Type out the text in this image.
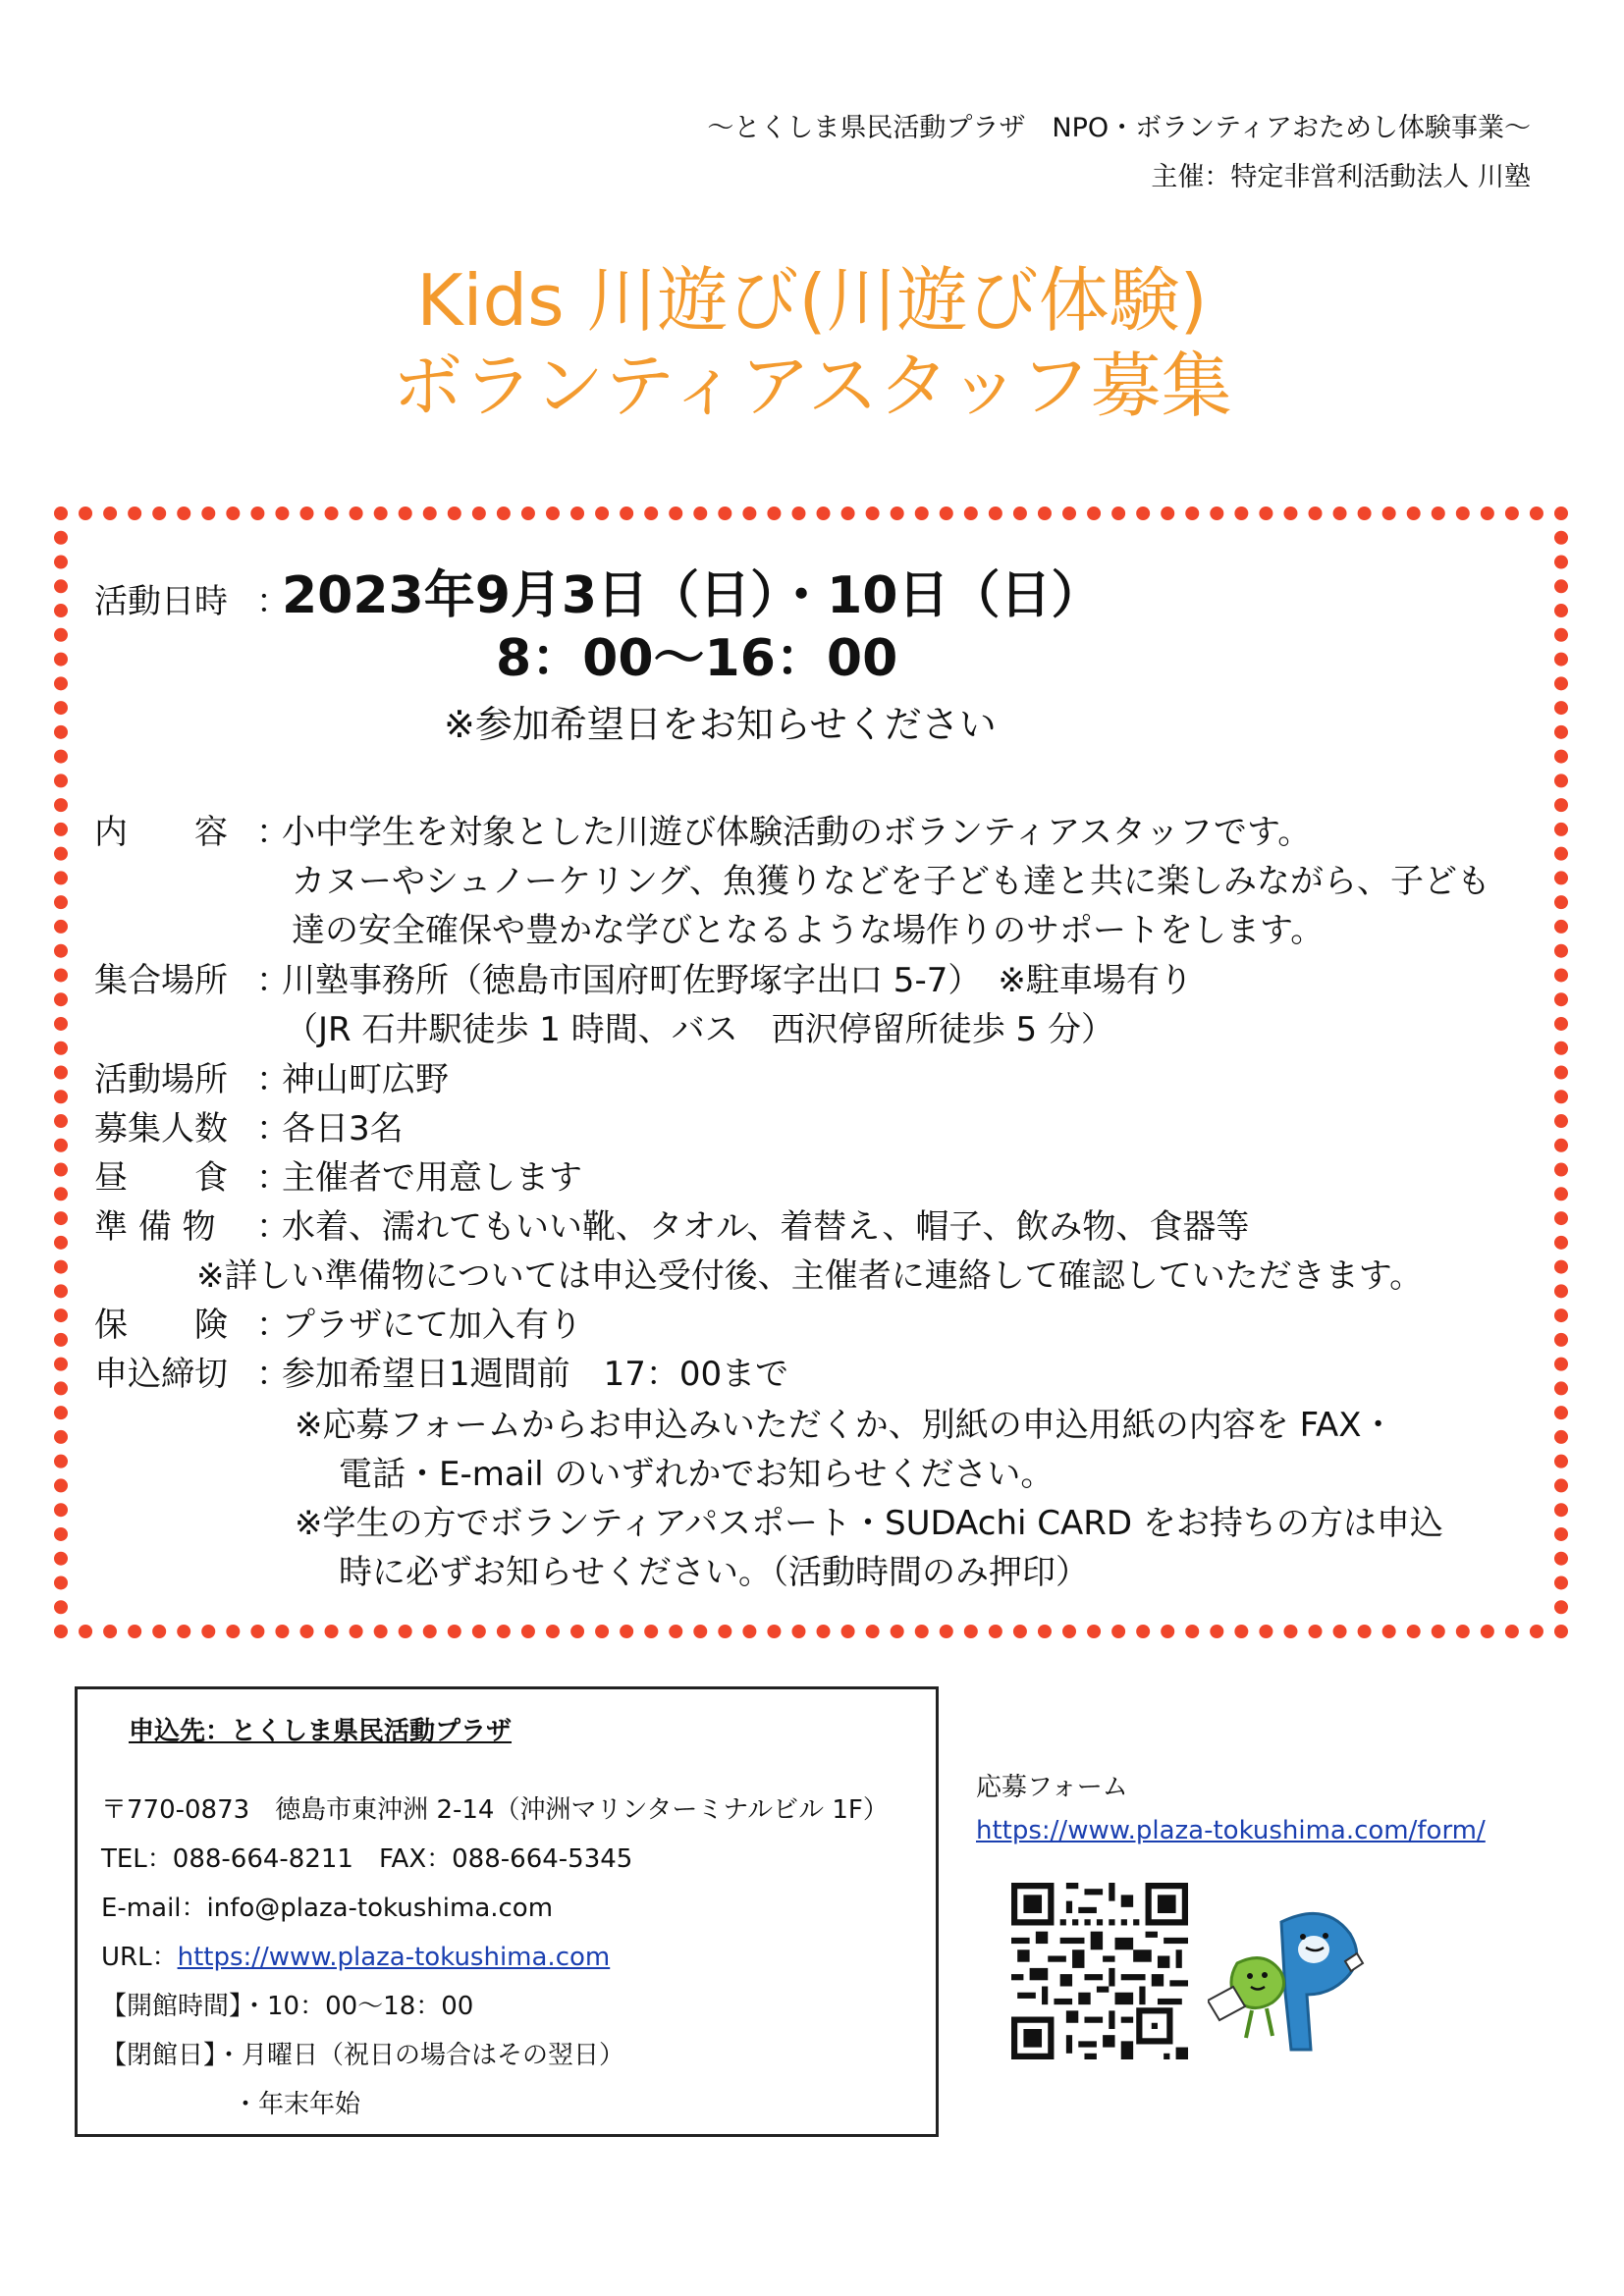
～とくしま県民活動プラザ　NPO・ボランティアおためし体験事業～
主催：特定非営利活動法人 川塾
Kids 川遊び(川遊び体験)
ボランティアスタッフ募集
活動日時 ：2023年9月3日（日）・10日（日）
8：00～16：00
※参加希望日をお知らせください
内　　容 ：小中学生を対象とした川遊び体験活動のボランティアスタッフです。
カヌーやシュノーケリング、魚獲りなどを子ども達と共に楽しみながら、子ども
達の安全確保や豊かな学びとなるような場作りのサポートをします。
集合場所 ：川塾事務所（徳島市国府町佐野塚字出口 5-7）　※駐車場有り
（JR 石井駅徒歩 1 時間、バス　西沢停留所徒歩 5 分）
活動場所 ：神山町広野
募集人数 ：各日3名
昼　　食 ：主催者で用意します
準 備 物 ：水着、濡れてもいい靴、タオル、着替え、帽子、飲み物、食器等
※詳しい準備物については申込受付後、主催者に連絡して確認していただきます。
保　　険 ：プラザにて加入有り
申込締切 ：参加希望日1週間前　17：00まで
※応募フォームからお申込みいただくか、別紙の申込用紙の内容を FAX・
電話・E-mail のいずれかでお知らせください。
※学生の方でボランティアパスポート・SUDAchi CARD をお持ちの方は申込
時に必ずお知らせください。（活動時間のみ押印）
申込先：とくしま県民活動プラザ
〒770-0873　徳島市東沖洲 2-14（沖洲マリンターミナルビル 1F）
TEL：088-664-8211　FAX：088-664-5345
E-mail：info@plaza-tokushima.com
URL：https://www.plaza-tokushima.com
【開館時間】・10：00～18：00
【閉館日】・月曜日（祝日の場合はその翌日）
・年末年始
応募フォーム
https://www.plaza-tokushima.com/form/
